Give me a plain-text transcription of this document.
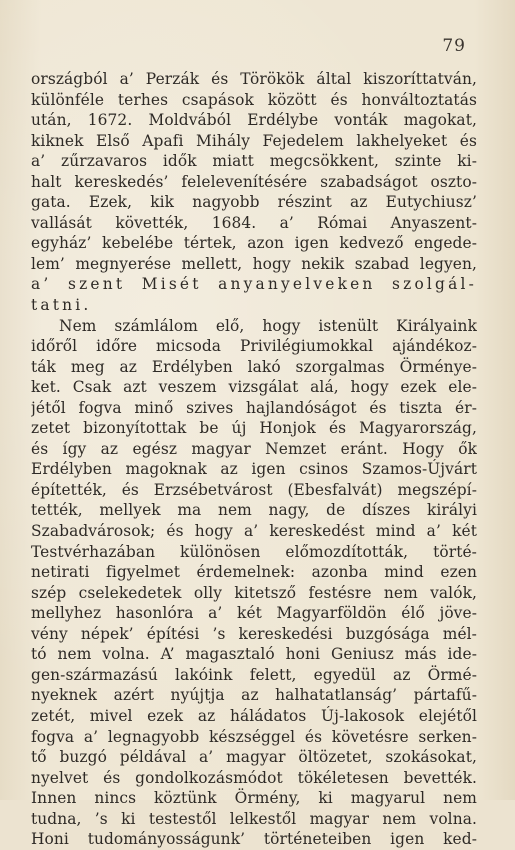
79
országból a’ Perzák és Törökök által kiszoríttatván,
különféle terhes csapások között és honváltoztatás
után, 1672. Moldvából Erdélybe vonták magokat,
kiknek Első Apafi Mihály Fejedelem lakhelyeket és
a’ zűrzavaros idők miatt megcsökkent, szinte ki-
halt kereskedés’ felelevenítésére szabadságot oszto-
gata. Ezek, kik nagyobb részint az Eutychiusz’
vallását követték, 1684. a’ Római Anyaszent-
egyház’ kebelébe tértek, azon igen kedvező engede-
lem’ megnyerése mellett, hogy nekik szabad legyen,
a’ szent Misét anyanyelveken szolgál-
tatni.
Nem számlálom elő, hogy istenült Királyaink
időről időre micsoda Privilégiumokkal ajándékoz-
ták meg az Erdélyben lakó szorgalmas Örménye-
ket. Csak azt veszem vizsgálat alá, hogy ezek ele-
jétől fogva minő szives hajlandóságot és tiszta ér-
zetet bizonyítottak be új Honjok és Magyarország,
és így az egész magyar Nemzet eránt. Hogy ők
Erdélyben magoknak az igen csinos Szamos-Újvárt
építették, és Erzsébetvárost (Ebesfalvát) megszépí-
tették, mellyek ma nem nagy, de díszes királyi
Szabadvárosok; és hogy a’ kereskedést mind a’ két
Testvérhazában különösen előmozdították, törté-
netirati figyelmet érdemelnek: azonba mind ezen
szép cselekedetek olly kitetsző festésre nem valók,
mellyhez hasonlóra a’ két Magyarföldön élő jöve-
vény népek’ építési ’s kereskedési buzgósága mél-
tó nem volna. A’ magasztaló honi Geniusz más ide-
gen-származású lakóink felett, egyedül az Örmé-
nyeknek azért nyújtja az halhatatlanság’ pártafű-
zetét, mivel ezek az háládatos Új-lakosok elejétől
fogva a’ legnagyobb készséggel és követésre serken-
tő buzgó példával a’ magyar öltözetet, szokásokat,
nyelvet és gondolkozásmódot tökéletesen bevették.
Innen nincs köztünk Örmény, ki magyarul nem
tudna, ’s ki testestől lelkestől magyar nem volna.
Honi tudományosságunk’ történeteiben igen ked-
